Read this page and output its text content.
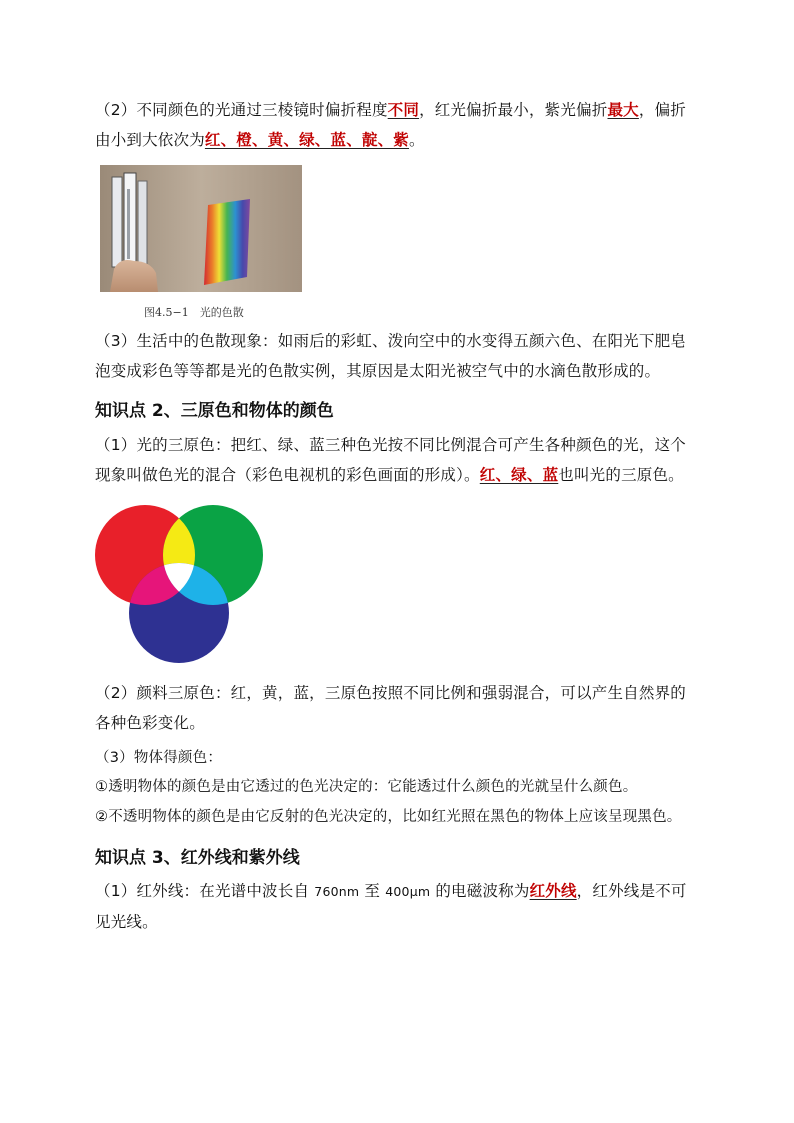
（2）不同颜色的光通过三棱镜时偏折程度不同，红光偏折最小，紫光偏折最大，偏折由小到大依次为红、橙、黄、绿、蓝、靛、紫。
图4.5−1　光的色散
（3）生活中的色散现象：如雨后的彩虹、泼向空中的水变得五颜六色、在阳光下肥皂泡变成彩色等等都是光的色散实例，其原因是太阳光被空气中的水滴色散形成的。
知识点 2、三原色和物体的颜色
（1）光的三原色：把红、绿、蓝三种色光按不同比例混合可产生各种颜色的光，这个现象叫做色光的混合（彩色电视机的彩色画面的形成）。红、绿、蓝也叫光的三原色。
（2）颜料三原色：红，黄，蓝，三原色按照不同比例和强弱混合，可以产生自然界的各种色彩变化。
（3）物体得颜色：
①透明物体的颜色是由它透过的色光决定的：它能透过什么颜色的光就呈什么颜色。
②不透明物体的颜色是由它反射的色光决定的，比如红光照在黑色的物体上应该呈现黑色。
知识点 3、红外线和紫外线
（1）红外线：在光谱中波长自 760nm 至 400μm 的电磁波称为红外线，红外线是不可见光线。
